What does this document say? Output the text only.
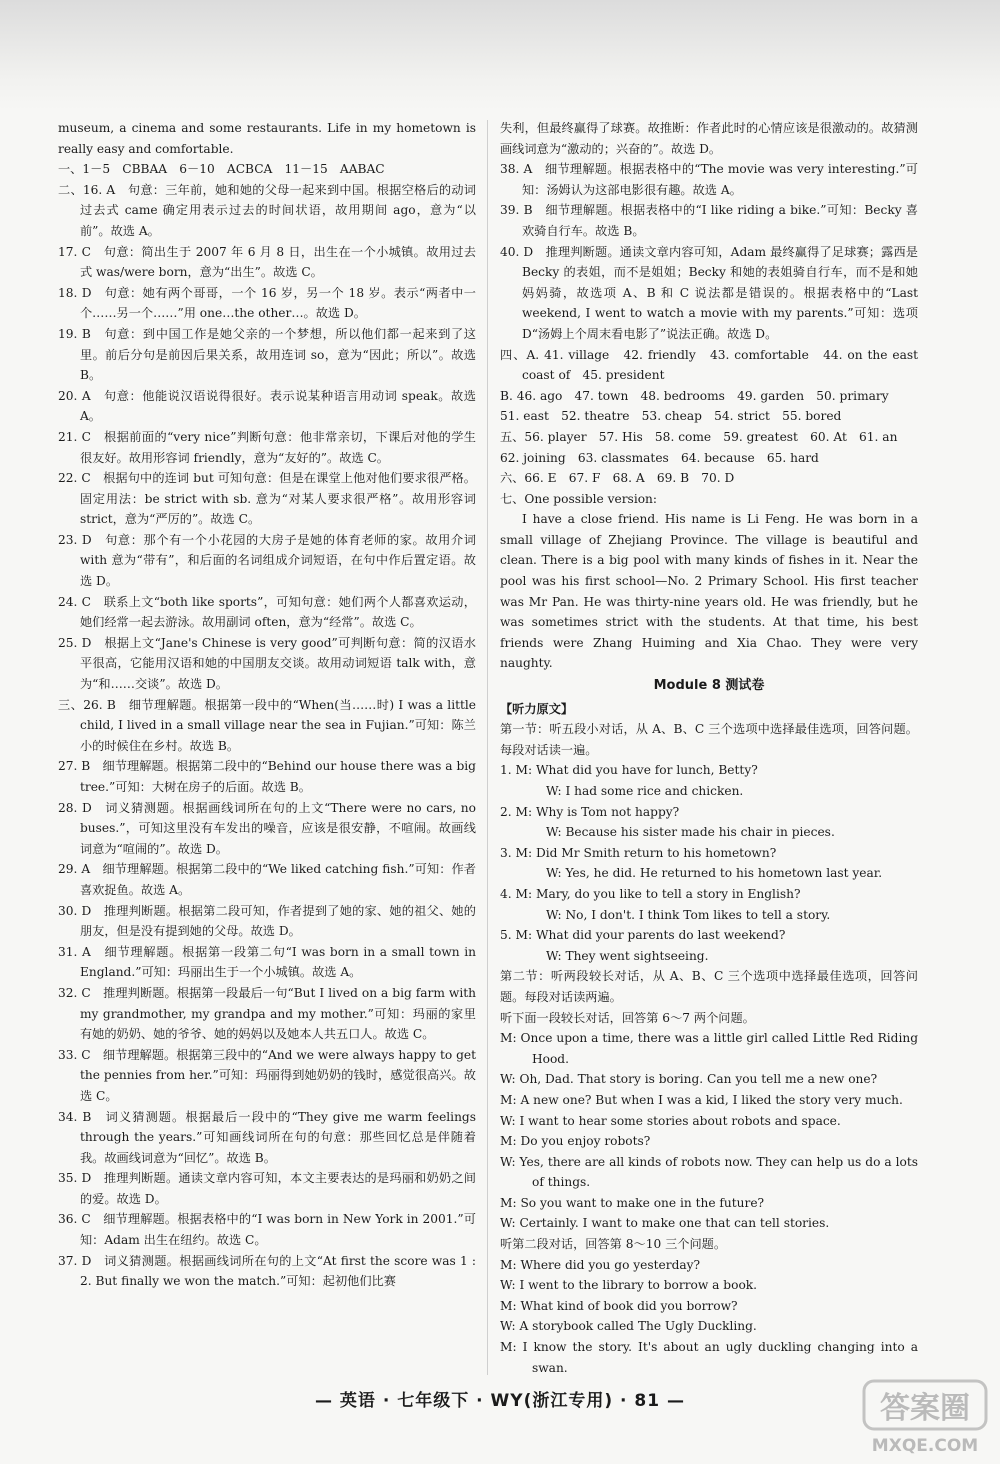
museum, a cinema and some restaurants. Life in my hometown is really easy and comfortable.

一、1－5　CBBAA　6－10　ACBCA　11－15　AABAC

二、16. A　句意：三年前，她和她的父母一起来到中国。根据空格后的动词过去式 came 确定用表示过去的时间状语，故用期间 ago，意为“以前”。故选 A。

17. C　句意：简出生于 2007 年 6 月 8 日，出生在一个小城镇。故用过去式 was/were born，意为“出生”。故选 C。

18. D　句意：她有两个哥哥，一个 16 岁，另一个 18 岁。表示“两者中一个……另一个……”用 one…the other…。故选 D。

19. B　句意：到中国工作是她父亲的一个梦想，所以他们都一起来到了这里。前后分句是前因后果关系，故用连词 so，意为“因此；所以”。故选 B。

20. A　句意：他能说汉语说得很好。表示说某种语言用动词 speak。故选 A。

21. C　根据前面的“very nice”判断句意：他非常亲切，下课后对他的学生很友好。故用形容词 friendly，意为“友好的”。故选 C。

22. C　根据句中的连词 but 可知句意：但是在课堂上他对他们要求很严格。固定用法：be strict with sb. 意为“对某人要求很严格”。故用形容词 strict，意为“严厉的”。故选 C。

23. D　句意：那个有一个小花园的大房子是她的体育老师的家。故用介词 with 意为“带有”，和后面的名词组成介词短语，在句中作后置定语。故选 D。

24. C　联系上文“both like sports”，可知句意：她们两个人都喜欢运动，她们经常一起去游泳。故用副词 often，意为“经常”。故选 C。

25. D　根据上文“Jane's Chinese is very good”可判断句意：简的汉语水平很高，它能用汉语和她的中国朋友交谈。故用动词短语 talk with，意为“和……交谈”。故选 D。

三、26. B　细节理解题。根据第一段中的“When(当……时) I was a little child, I lived in a small village near the sea in Fujian.”可知：陈兰小的时候住在乡村。故选 B。

27. B　细节理解题。根据第二段中的“Behind our house there was a big tree.”可知：大树在房子的后面。故选 B。

28. D　词义猜测题。根据画线词所在句的上文“There were no cars, no buses.”，可知这里没有车发出的噪音，应该是很安静，不喧闹。故画线词意为“喧闹的”。故选 D。

29. A　细节理解题。根据第二段中的“We liked catching fish.”可知：作者喜欢捉鱼。故选 A。

30. D　推理判断题。根据第二段可知，作者提到了她的家、她的祖父、她的朋友，但是没有提到她的父母。故选 D。

31. A　细节理解题。根据第一段第二句“I was born in a small town in England.”可知：玛丽出生于一个小城镇。故选 A。

32. C　推理判断题。根据第一段最后一句“But I lived on a big farm with my grandmother, my grandpa and my mother.”可知：玛丽的家里有她的奶奶、她的爷爷、她的妈妈以及她本人共五口人。故选 C。

33. C　细节理解题。根据第三段中的“And we were always happy to get the pennies from her.”可知：玛丽得到她奶奶的钱时，感觉很高兴。故选 C。

34. B　词义猜测题。根据最后一段中的“They give me warm feelings through the years.”可知画线词所在句的句意：那些回忆总是伴随着我。故画线词意为“回忆”。故选 B。

35. D　推理判断题。通读文章内容可知，本文主要表达的是玛丽和奶奶之间的爱。故选 D。

36. C　细节理解题。根据表格中的“I was born in New York in 2001.”可知：Adam 出生在纽约。故选 C。

37. D　词义猜测题。根据画线词所在句的上文“At first the score was 1 : 2. But finally we won the match.”可知：起初他们比赛

失利，但最终赢得了球赛。故推断：作者此时的心情应该是很激动的。故猜测画线词意为“激动的；兴奋的”。故选 D。

38. A　细节理解题。根据表格中的“The movie was very interesting.”可知：汤姆认为这部电影很有趣。故选 A。

39. B　细节理解题。根据表格中的“I like riding a bike.”可知：Becky 喜欢骑自行车。故选 B。

40. D　推理判断题。通读文章内容可知，Adam 最终赢得了足球赛；露西是 Becky 的表姐，而不是姐姐；Becky 和她的表姐骑自行车，而不是和她妈妈骑，故选项 A、B 和 C 说法都是错误的。根据表格中的“Last weekend, I went to watch a movie with my parents.”可知：选项 D“汤姆上个周末看电影了”说法正确。故选 D。

四、A. 41. village　42. friendly　43. comfortable　44. on the east coast of　45. president

B. 46. ago　47. town　48. bedrooms　49. garden　50. primary

51. east　52. theatre　53. cheap　54. strict　55. bored

五、56. player　57. His　58. come　59. greatest　60. At　61. an

62. joining　63. classmates　64. because　65. hard

六、66. E　67. F　68. A　69. B　70. D

七、One possible version:

I have a close friend. His name is Li Feng. He was born in a small village of Zhejiang Province. The village is beautiful and clean. There is a big pool with many kinds of fishes in it. Near the pool was his first school—No. 2 Primary School. His first teacher was Mr Pan. He was thirty-nine years old. He was friendly, but he was sometimes strict with the students. At that time, his best friends were Zhang Huiming and Xia Chao. They were very naughty.

Module 8 测试卷

【听力原文】

第一节：听五段小对话，从 A、B、C 三个选项中选择最佳选项，回答问题。每段对话读一遍。

1. M: What did you have for lunch, Betty?

W: I had some rice and chicken.

2. M: Why is Tom not happy?

W: Because his sister made his chair in pieces.

3. M: Did Mr Smith return to his hometown?

W: Yes, he did. He returned to his hometown last year.

4. M: Mary, do you like to tell a story in English?

W: No, I don't. I think Tom likes to tell a story.

5. M: What did your parents do last weekend?

W: They went sightseeing.

第二节：听两段较长对话，从 A、B、C 三个选项中选择最佳选项，回答问题。每段对话读两遍。

听下面一段较长对话，回答第 6～7 两个问题。

M: Once upon a time, there was a little girl called Little Red Riding Hood.

W: Oh, Dad. That story is boring. Can you tell me a new one?

M: A new one? But when I was a kid, I liked the story very much.

W: I want to hear some stories about robots and space.

M: Do you enjoy robots?

W: Yes, there are all kinds of robots now. They can help us do a lots of things.

M: So you want to make one in the future?

W: Certainly. I want to make one that can tell stories.

听第二段对话，回答第 8～10 三个问题。

M: Where did you go yesterday?

W: I went to the library to borrow a book.

M: What kind of book did you borrow?

W: A storybook called The Ugly Duckling.

M: I know the story. It's about an ugly duckling changing into a swan.

— 英语 · 七年级下 · WY(浙江专用) · 81 —	答案圈
MXQE.COM
